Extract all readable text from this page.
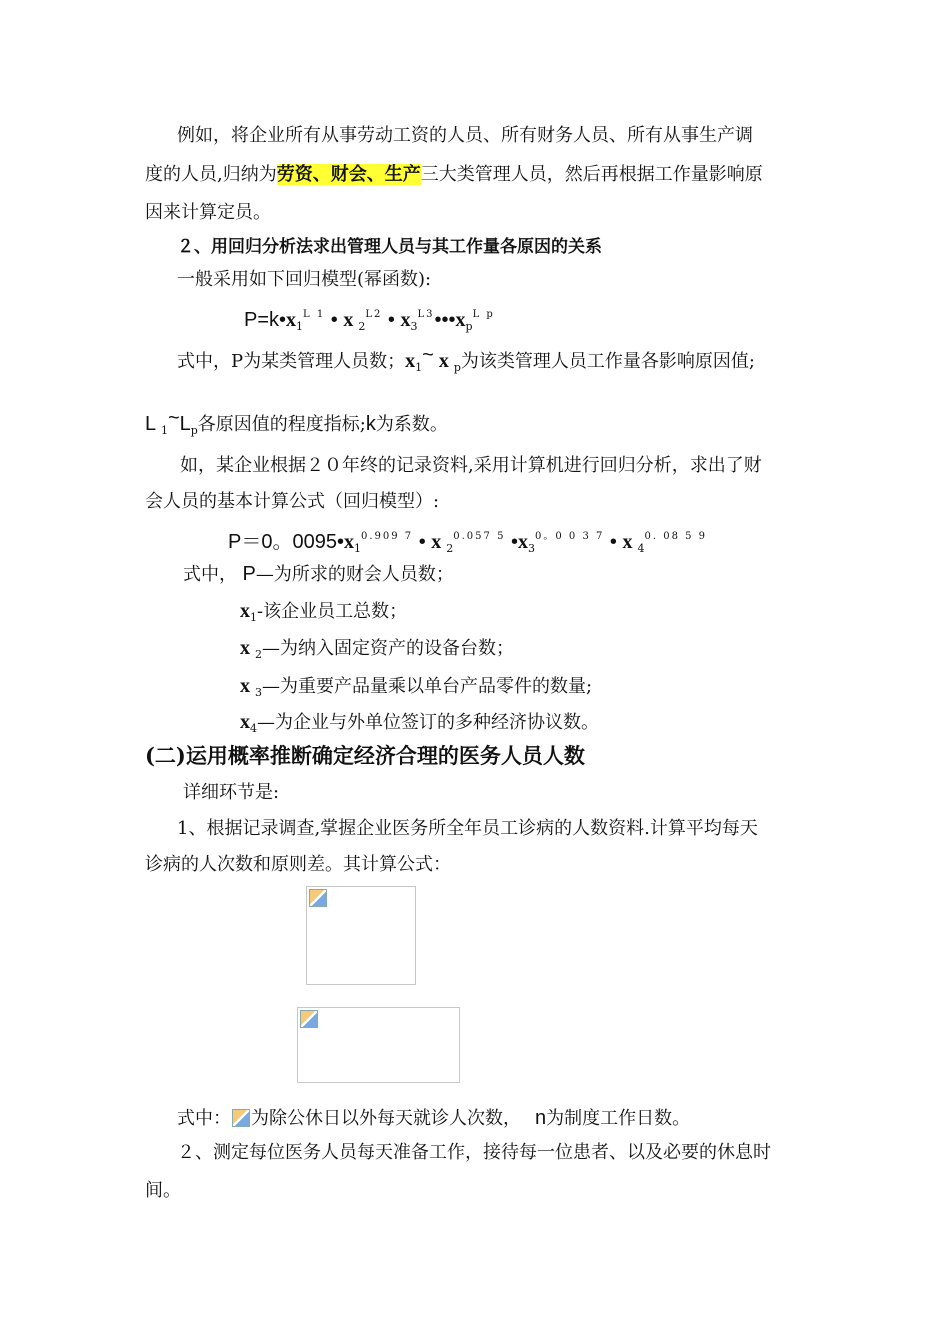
例如，将企业所有从事劳动工资的人员、所有财务人员、所有从事生产调
度的人员,归纳为劳资、财会、生产三大类管理人员，然后再根据工作量影响原
因来计算定员。
２、用回归分析法求出管理人员与其工作量各原因的关系
一般采用如下回归模型(幂函数):
$P=k•x_1^{L 1}$ • x $_2^{L2}$ • $x_3^{L3}•••x_p^{L p}$
式中，P为某类管理人员数；$x_1\sim$ x $_p$为该类管理人员工作量各影响原因值;
L $_1\sim L_p$各原因值的程度指标;k为系数。
如，某企业根据２０年终的记录资料,采用计算机进行回归分析，求出了财
会人员的基本计算公式（回归模型）:
P＝0。$0095•x_1^{0.909 7}$ • x $_2^{0.057 5}$ $•x_3^{0。0 0 3 7}$ • x $_4^{0. 08 5 9}$
式中， P—为所求的财会人员数；
$x_1-$该企业员工总数；
x $_2$—为纳入固定资产的设备台数；
x $_3$—为重要产品量乘以单台产品零件的数量;
$x_4—$为企业与外单位签订的多种经济协议数。
(二)运用概率推断确定经济合理的医务人员人数
详细环节是:
1、根据记录调查,掌握企业医务所全年员工诊病的人数资料.计算平均每天
诊病的人次数和原则差。其计算公式：
式中： 为除公休日以外每天就诊人次数， n为制度工作日数。
２、测定每位医务人员每天准备工作，接待每一位患者、以及必要的休息时
间。
